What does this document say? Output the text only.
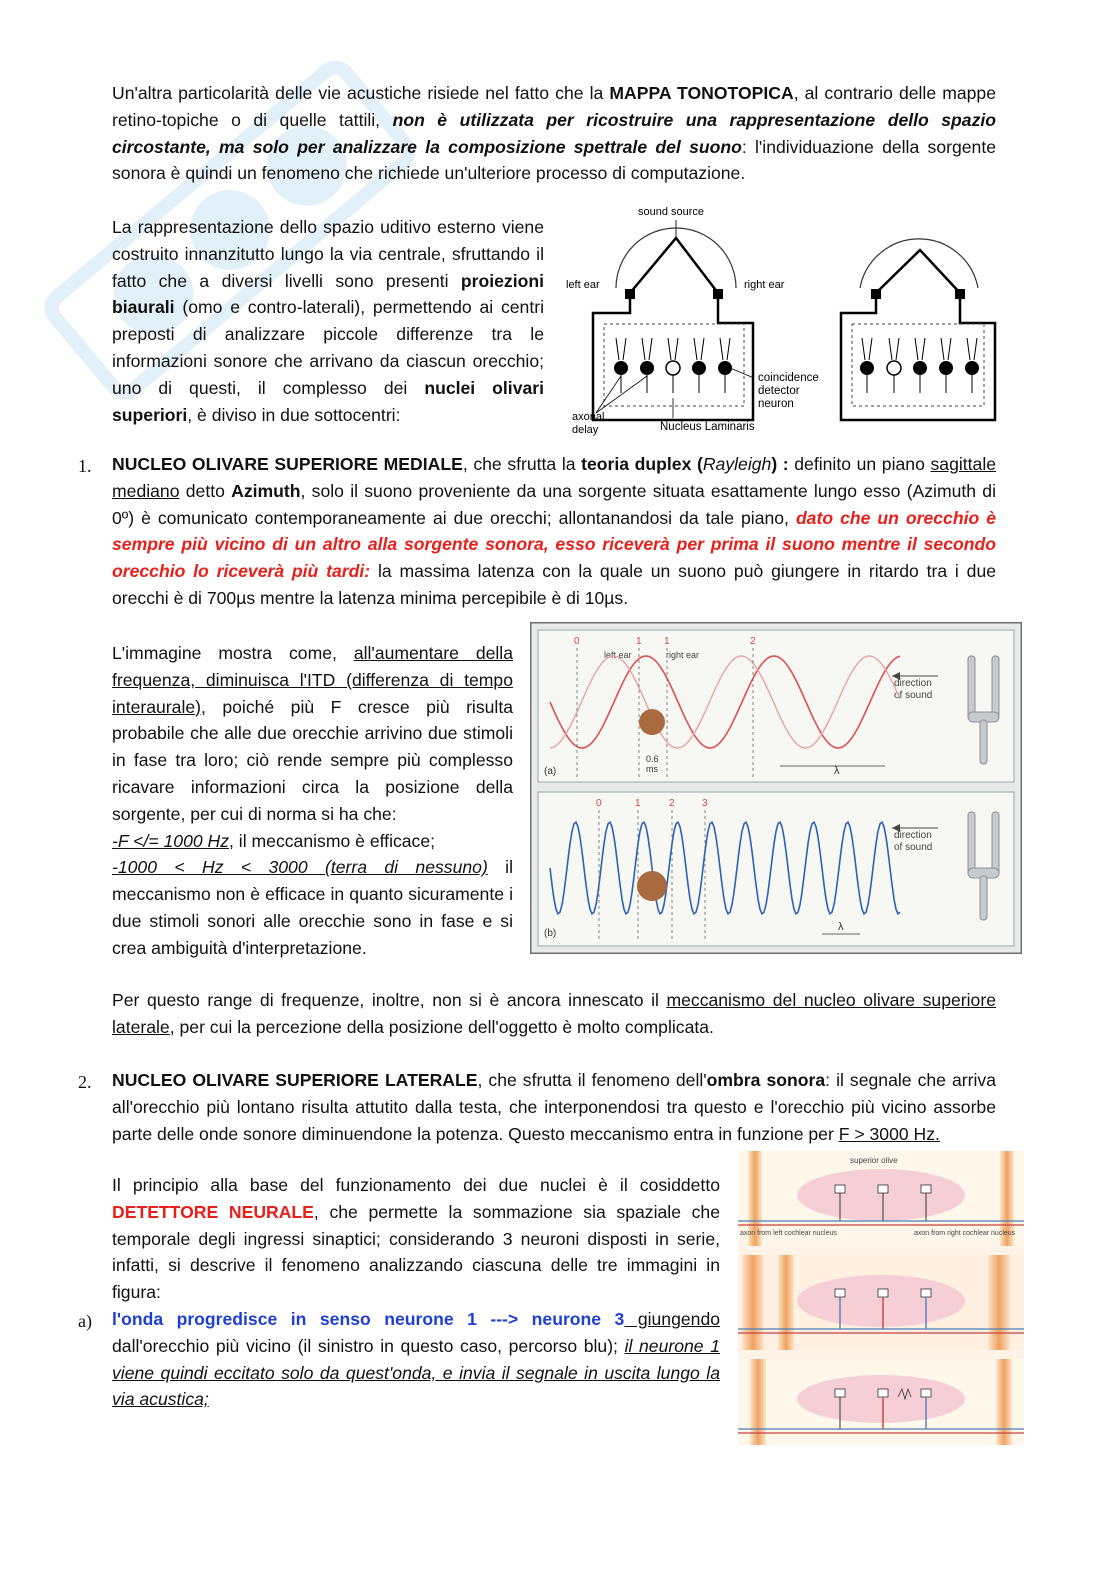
Un'altra particolarità delle vie acustiche risiede nel fatto che la MAPPA TONOTOPICA, al contrario delle mappe retino-topiche o di quelle tattili, non è utilizzata per ricostruire una rappresentazione dello spazio circostante, ma solo per analizzare la composizione spettrale del suono: l'individuazione della sorgente sonora è quindi un fenomeno che richiede un'ulteriore processo di computazione.
La rappresentazione dello spazio uditivo esterno viene costruito innanzitutto lungo la via centrale, sfruttando il fatto che a diversi livelli sono presenti proiezioni biaurali (omo e contro-laterali), permettendo ai centri preposti di analizzare piccole differenze tra le informazioni sonore che arrivano da ciascun orecchio; uno di questi, il complesso dei nuclei olivari superiori, è diviso in due sottocentri:
sound source
left ear	right ear
coincidence
detector
neuron
axonal
delay	Nucleus Laminaris
1. NUCLEO OLIVARE SUPERIORE MEDIALE, che sfrutta la teoria duplex (Rayleigh) : definito un piano sagittale mediano detto Azimuth, solo il suono proveniente da una sorgente situata esattamente lungo esso (Azimuth di 0º) è comunicato contemporaneamente ai due orecchi; allontanandosi da tale piano, dato che un orecchio è sempre più vicino di un altro alla sorgente sonora, esso riceverà per prima il suono mentre il secondo orecchio lo riceverà più tardi: la massima latenza con la quale un suono può giungere in ritardo tra i due orecchi è di 700µs mentre la latenza minima percepibile è di 10µs.
L'immagine mostra come, all'aumentare della frequenza, diminuisca l'ITD (differenza di tempo interaurale), poiché più F cresce più risulta probabile che alle due orecchie arrivino due stimoli in fase tra loro; ciò rende sempre più complesso ricavare informazioni circa la posizione della sorgente, per cui di norma si ha che:
-F </= 1000 Hz, il meccanismo è efficace;
-1000 < Hz < 3000 (terra di nessuno) il meccanismo non è efficace in quanto sicuramente i due stimoli sonori alle orecchie sono in fase e si crea ambiguità d'interpretazione.
0	1 1	2
left ear	right ear
direction
of sound
direction
of sound
0.6
ms	λ
(a)
0	1	2	3
λ
(b)
Per questo range di frequenze, inoltre, non si è ancora innescato il meccanismo del nucleo olivare superiore laterale, per cui la percezione della posizione dell'oggetto è molto complicata.
2. NUCLEO OLIVARE SUPERIORE LATERALE, che sfrutta il fenomeno dell'ombra sonora: il segnale che arriva all'orecchio più lontano risulta attutito dalla testa, che interponendosi tra questo e l'orecchio più vicino assorbe parte delle onde sonore diminuendone la potenza. Questo meccanismo entra in funzione per F > 3000 Hz.
Il principio alla base del funzionamento dei due nuclei è il cosiddetto DETETTORE NEURALE, che permette la sommazione sia spaziale che temporale degli ingressi sinaptici; considerando 3 neuroni disposti in serie, infatti, si descrive il fenomeno analizzando ciascuna delle tre immagini in figura:
a) l'onda progredisce in senso neurone 1 ---> neurone 3 giungendo dall'orecchio più vicino (il sinistro in questo caso, percorso blu); il neurone 1 viene quindi eccitato solo da quest'onda, e invia il segnale in uscita lungo la via acustica;
superior olive
axon from left cochlear nucleus	axon from right cochlear nucleus
